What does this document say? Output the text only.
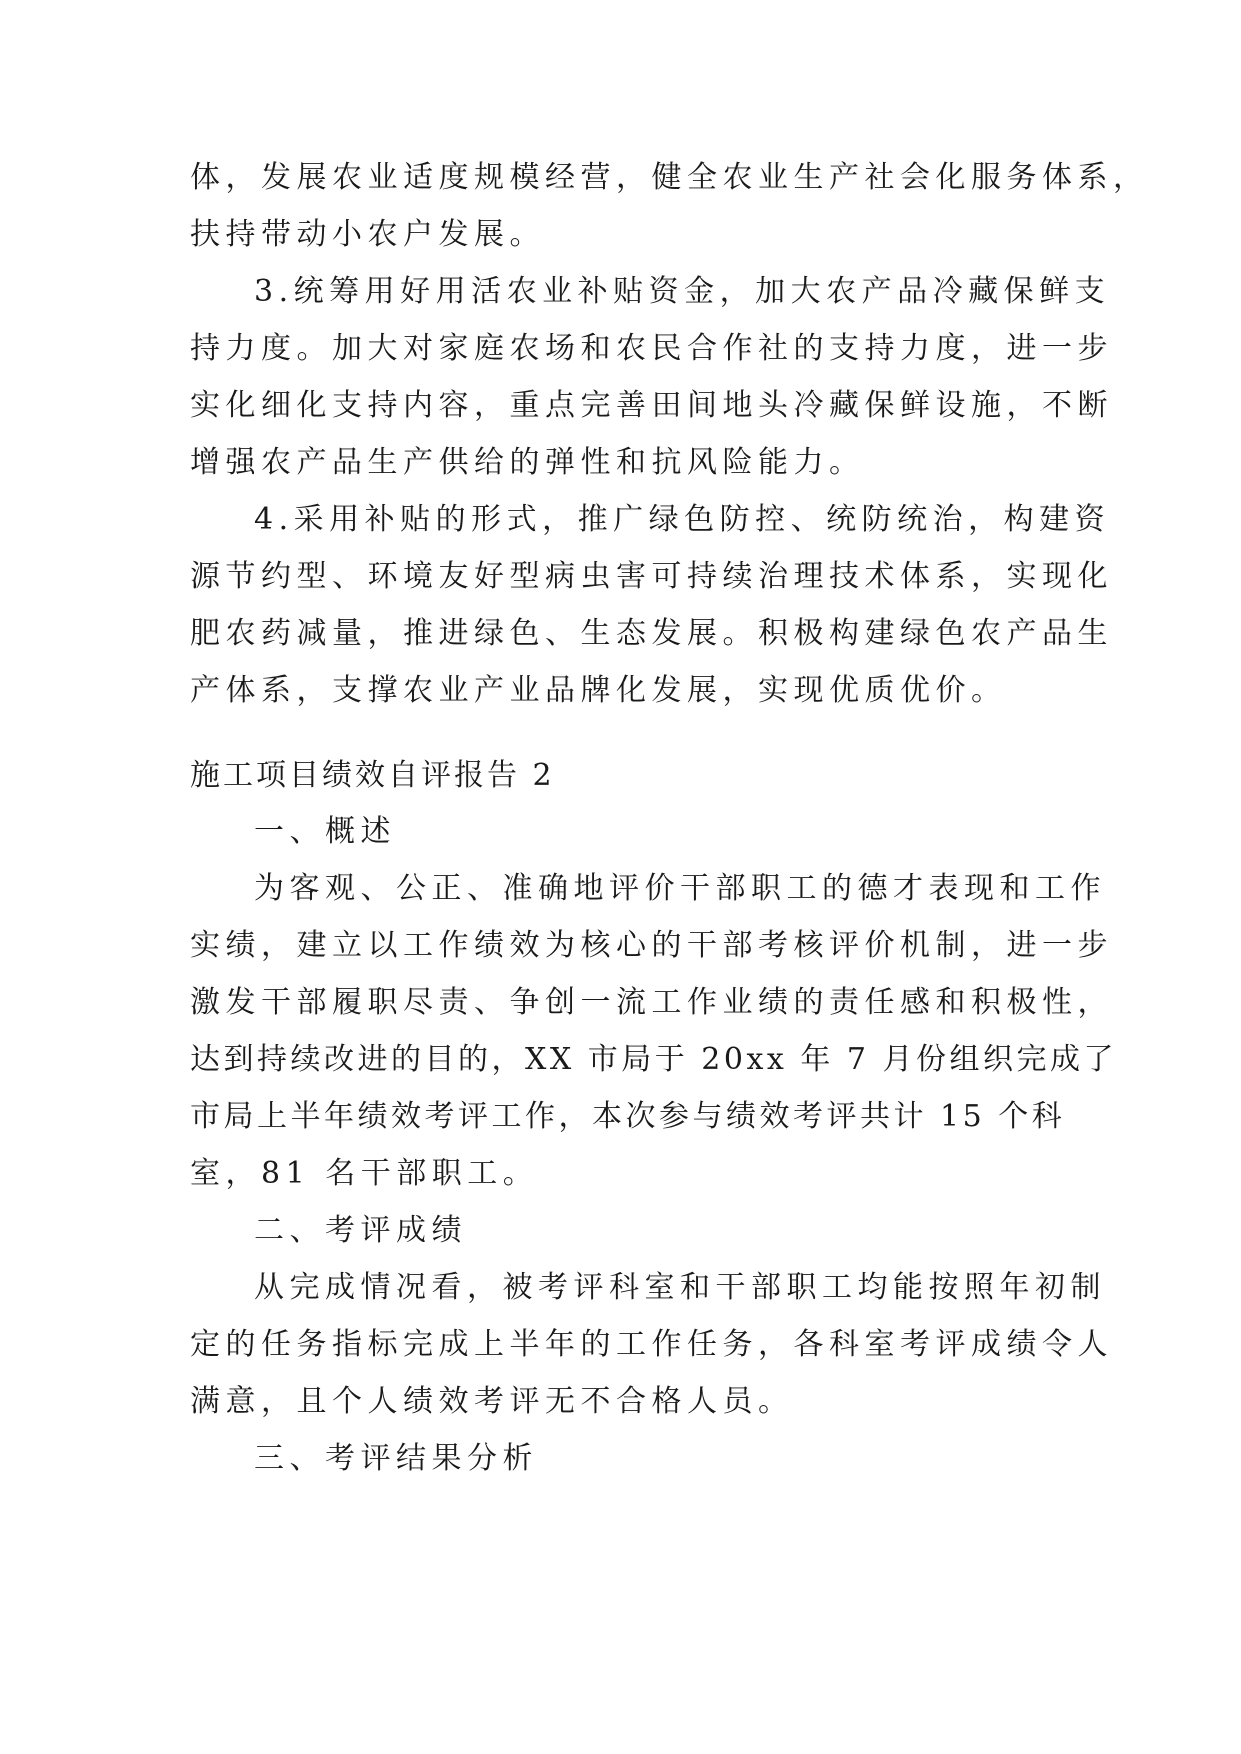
体，发展农业适度规模经营，健全农业生产社会化服务体系，
扶持带动小农户发展。
3.统筹用好用活农业补贴资金，加大农产品冷藏保鲜支
持力度。加大对家庭农场和农民合作社的支持力度，进一步
实化细化支持内容，重点完善田间地头冷藏保鲜设施，不断
增强农产品生产供给的弹性和抗风险能力。
4.采用补贴的形式，推广绿色防控、统防统治，构建资
源节约型、环境友好型病虫害可持续治理技术体系，实现化
肥农药减量，推进绿色、生态发展。积极构建绿色农产品生
产体系，支撑农业产业品牌化发展，实现优质优价。
施工项目绩效自评报告 2
一、概述
为客观、公正、准确地评价干部职工的德才表现和工作
实绩，建立以工作绩效为核心的干部考核评价机制，进一步
激发干部履职尽责、争创一流工作业绩的责任感和积极性，
达到持续改进的目的，XX 市局于 20xx 年 7 月份组织完成了
市局上半年绩效考评工作，本次参与绩效考评共计 15 个科
室，81 名干部职工。
二、考评成绩
从完成情况看，被考评科室和干部职工均能按照年初制
定的任务指标完成上半年的工作任务，各科室考评成绩令人
满意，且个人绩效考评无不合格人员。
三、考评结果分析
